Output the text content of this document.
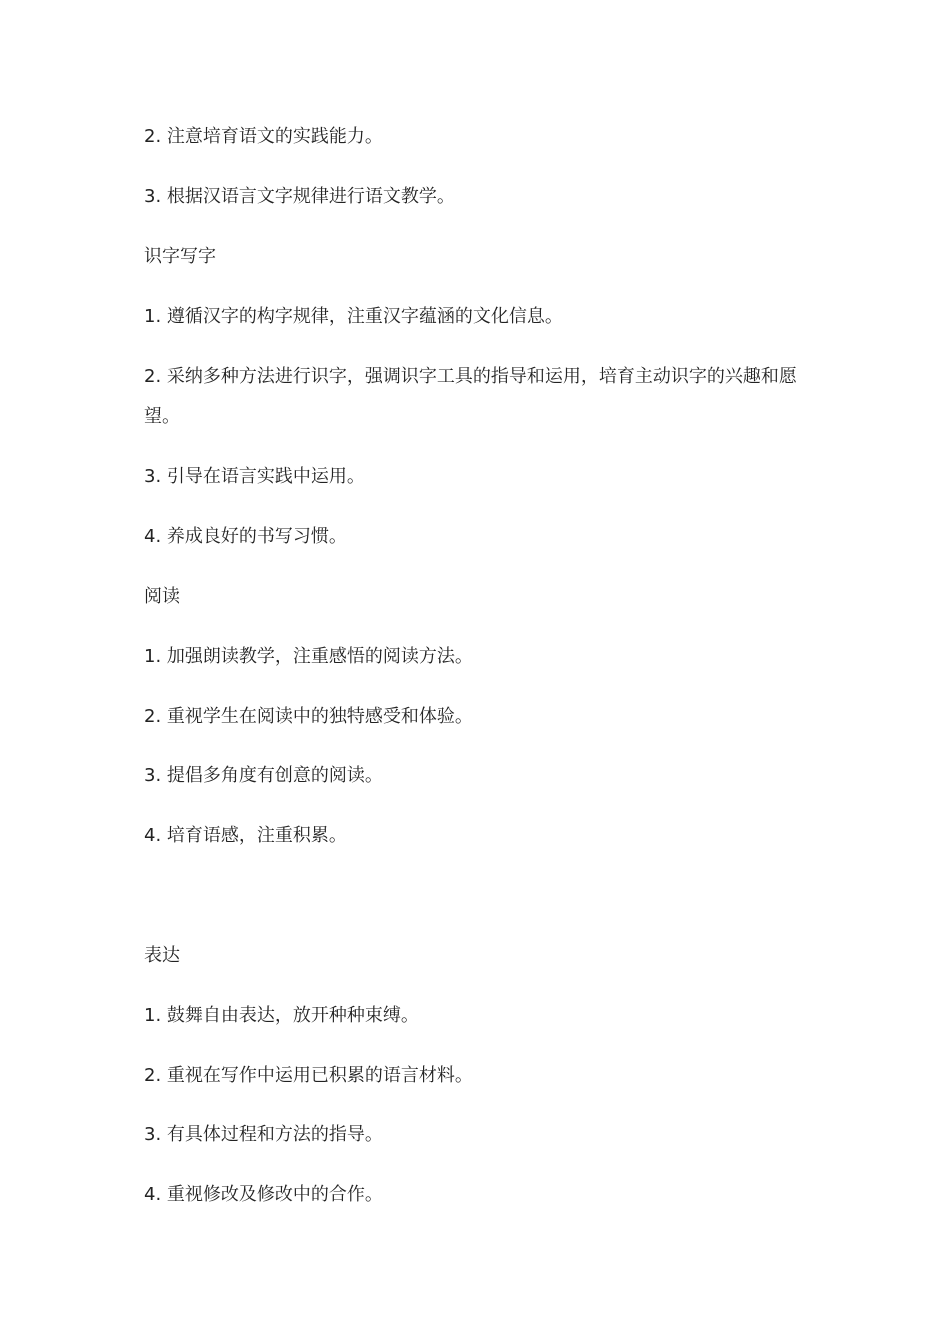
2. 注意培育语文的实践能力。
3. 根据汉语言文字规律进行语文教学。
识字写字
1. 遵循汉字的构字规律，注重汉字蕴涵的文化信息。
2. 采纳多种方法进行识字，强调识字工具的指导和运用，培育主动识字的兴趣和愿望。
3. 引导在语言实践中运用。
4. 养成良好的书写习惯。
阅读
1. 加强朗读教学，注重感悟的阅读方法。
2. 重视学生在阅读中的独特感受和体验。
3. 提倡多角度有创意的阅读。
4. 培育语感，注重积累。
表达
1. 鼓舞自由表达，放开种种束缚。
2. 重视在写作中运用已积累的语言材料。
3. 有具体过程和方法的指导。
4. 重视修改及修改中的合作。
